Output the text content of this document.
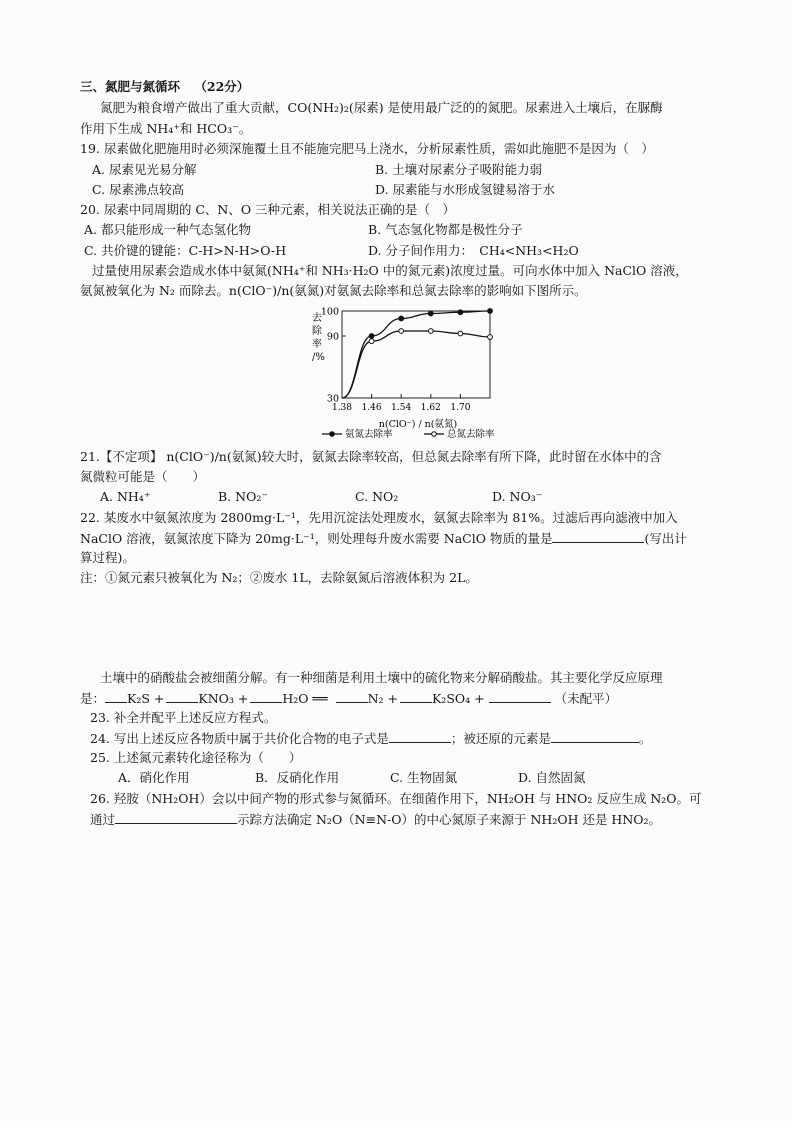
三、氮肥与氮循环 （22分）
氮肥为粮食增产做出了重大贡献，CO(NH₂)₂(尿素) 是使用最广泛的的氮肥。尿素进入土壤后，在脲酶
作用下生成 NH₄⁺和 HCO₃⁻。
19. 尿素做化肥施用时必须深施覆土且不能施完肥马上浇水，分析尿素性质，需如此施肥不是因为（　）
A. 尿素见光易分解	B. 土壤对尿素分子吸附能力弱
C. 尿素沸点较高	D. 尿素能与水形成氢键易溶于水
20. 尿素中同周期的 C、N、O 三种元素，相关说法正确的是（　）
A. 都只能形成一种气态氢化物	B. 气态氢化物都是极性分子
C. 共价键的键能：C-H>N-H>O-H	D. 分子间作用力：　CH₄<NH₃<H₂O
过量使用尿素会造成水体中氨氮(NH₄⁺和 NH₃·H₂O 中的氮元素)浓度过量。可向水体中加入 NaClO 溶液，
氨氮被氧化为 N₂ 而除去。n(ClO⁻)/n(氨氮)对氨氮去除率和总氮去除率的影响如下图所示。
100
90
30
1.38 1.46 1.54 1.62 1.70
氨氮去除率	总氮去除率
去除率/%
n(ClO⁻) / n(氨氮)
21.【不定项】 n(ClO⁻)/n(氨氮)较大时，氨氮去除率较高，但总氮去除率有所下降，此时留在水体中的含
氮微粒可能是（　　）
A. NH₄⁺	B. NO₂⁻	C. NO₂	D. NO₃⁻
22. 某废水中氨氮浓度为 2800mg·L⁻¹，先用沉淀法处理废水，氨氮去除率为 81%。过滤后再向滤液中加入
NaClO 溶液，氨氮浓度下降为 20mg·L⁻¹，则处理每升废水需要 NaClO 物质的量是	(写出计
算过程)。
注：①氮元素只被氧化为 N₂；②废水 1L，去除氨氮后溶液体积为 2L。
土壤中的硝酸盐会被细菌分解。有一种细菌是利用土壤中的硫化物来分解硝酸盐。其主要化学反应原理
是： K₂S +	KNO₃ +	H₂O ══	N₂ +	K₂SO₄ +	（未配平）
23. 补全并配平上述反应方程式。
24. 写出上述反应各物质中属于共价化合物的电子式是	；被还原的元素是	。
25. 上述氮元素转化途径称为（　　）
A．硝化作用	B．反硝化作用	C. 生物固氮	D. 自然固氮
26. 羟胺（NH₂OH）会以中间产物的形式参与氮循环。在细菌作用下，NH₂OH 与 HNO₂ 反应生成 N₂O。可
通过	示踪方法确定 N₂O（N≡N-O）的中心氮原子来源于 NH₂OH 还是 HNO₂。
